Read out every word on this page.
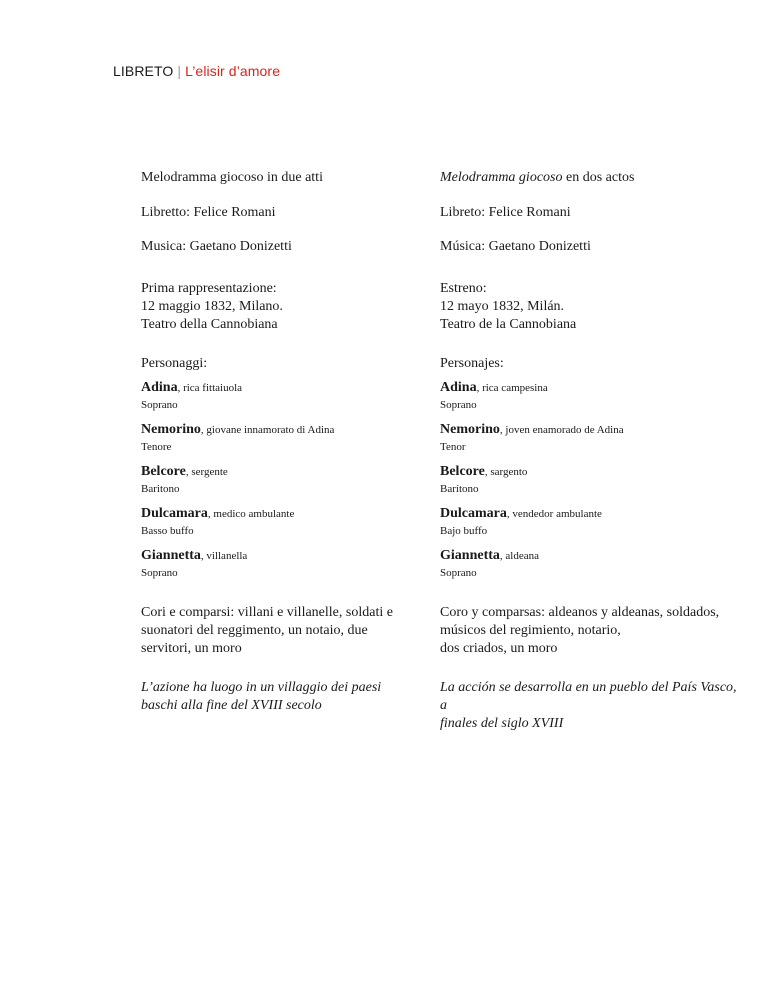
LIBRETO | L’elisir d’amore

Melodramma giocoso in due atti

Libretto: Felice Romani

Musica: Gaetano Donizetti

Prima rappresentazione:

12 maggio 1832, Milano.

Teatro della Cannobiana

Personaggi:

Adina, rica fittaiuola
Soprano
Nemorino, giovane innamorato di Adina
Tenore
Belcore, sergente
Baritono
Dulcamara, medico ambulante
Basso buffo
Giannetta, villanella
Soprano

Cori e comparsi: villani e villanelle, soldati e

suonatori del reggimento, un notaio, due

servitori, un moro

L’azione ha luogo in un villaggio dei paesi

baschi alla fine del XVIII secolo

Melodramma giocoso en dos actos

Libreto: Felice Romani

Música: Gaetano Donizetti

Estreno:

12 mayo 1832, Milán.

Teatro de la Cannobiana

Personajes:

Adina, rica campesina
Soprano
Nemorino, joven enamorado de Adina
Tenor
Belcore, sargento
Barítono
Dulcamara, vendedor ambulante
Bajo buffo
Giannetta, aldeana
Soprano

Coro y comparsas: aldeanos y aldeanas, soldados,

músicos del regimiento, notario,

dos criados, un moro

La acción se desarrolla en un pueblo del País Vasco, a

finales del siglo XVIII
